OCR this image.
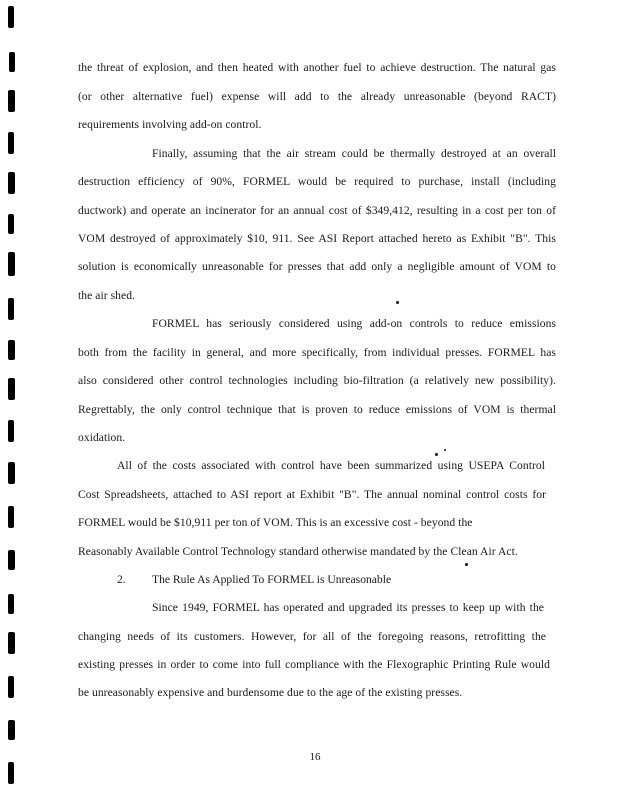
the threat of explosion, and then heated with another fuel to achieve destruction. The natural gas
(or other alternative fuel) expense will add to the already unreasonable (beyond RACT)
requirements involving add-on control.
Finally, assuming that the air stream could be thermally destroyed at an overall
destruction efficiency of 90%, FORMEL would be required to purchase, install (including
ductwork) and operate an incinerator for an annual cost of $349,412, resulting in a cost per ton of
VOM destroyed of approximately $10, 911. See ASI Report attached hereto as Exhibit "B". This
solution is economically unreasonable for presses that add only a negligible amount of VOM to
the air shed.
FORMEL has seriously considered using add-on controls to reduce emissions
both from the facility in general, and more specifically, from individual presses. FORMEL has
also considered other control technologies including bio-filtration (a relatively new possibility).
Regrettably, the only control technique that is proven to reduce emissions of VOM is thermal
oxidation.
All of the costs associated with control have been summarized using USEPA Control
Cost Spreadsheets, attached to ASI report at Exhibit "B". The annual nominal control costs for
FORMEL would be $10,911 per ton of VOM. This is an excessive cost - beyond the
Reasonably Available Control Technology standard otherwise mandated by the Clean Air Act.
2. The Rule As Applied To FORMEL is Unreasonable
Since 1949, FORMEL has operated and upgraded its presses to keep up with the
changing needs of its customers. However, for all of the foregoing reasons, retrofitting the
existing presses in order to come into full compliance with the Flexographic Printing Rule would
be unreasonably expensive and burdensome due to the age of the existing presses.
16
